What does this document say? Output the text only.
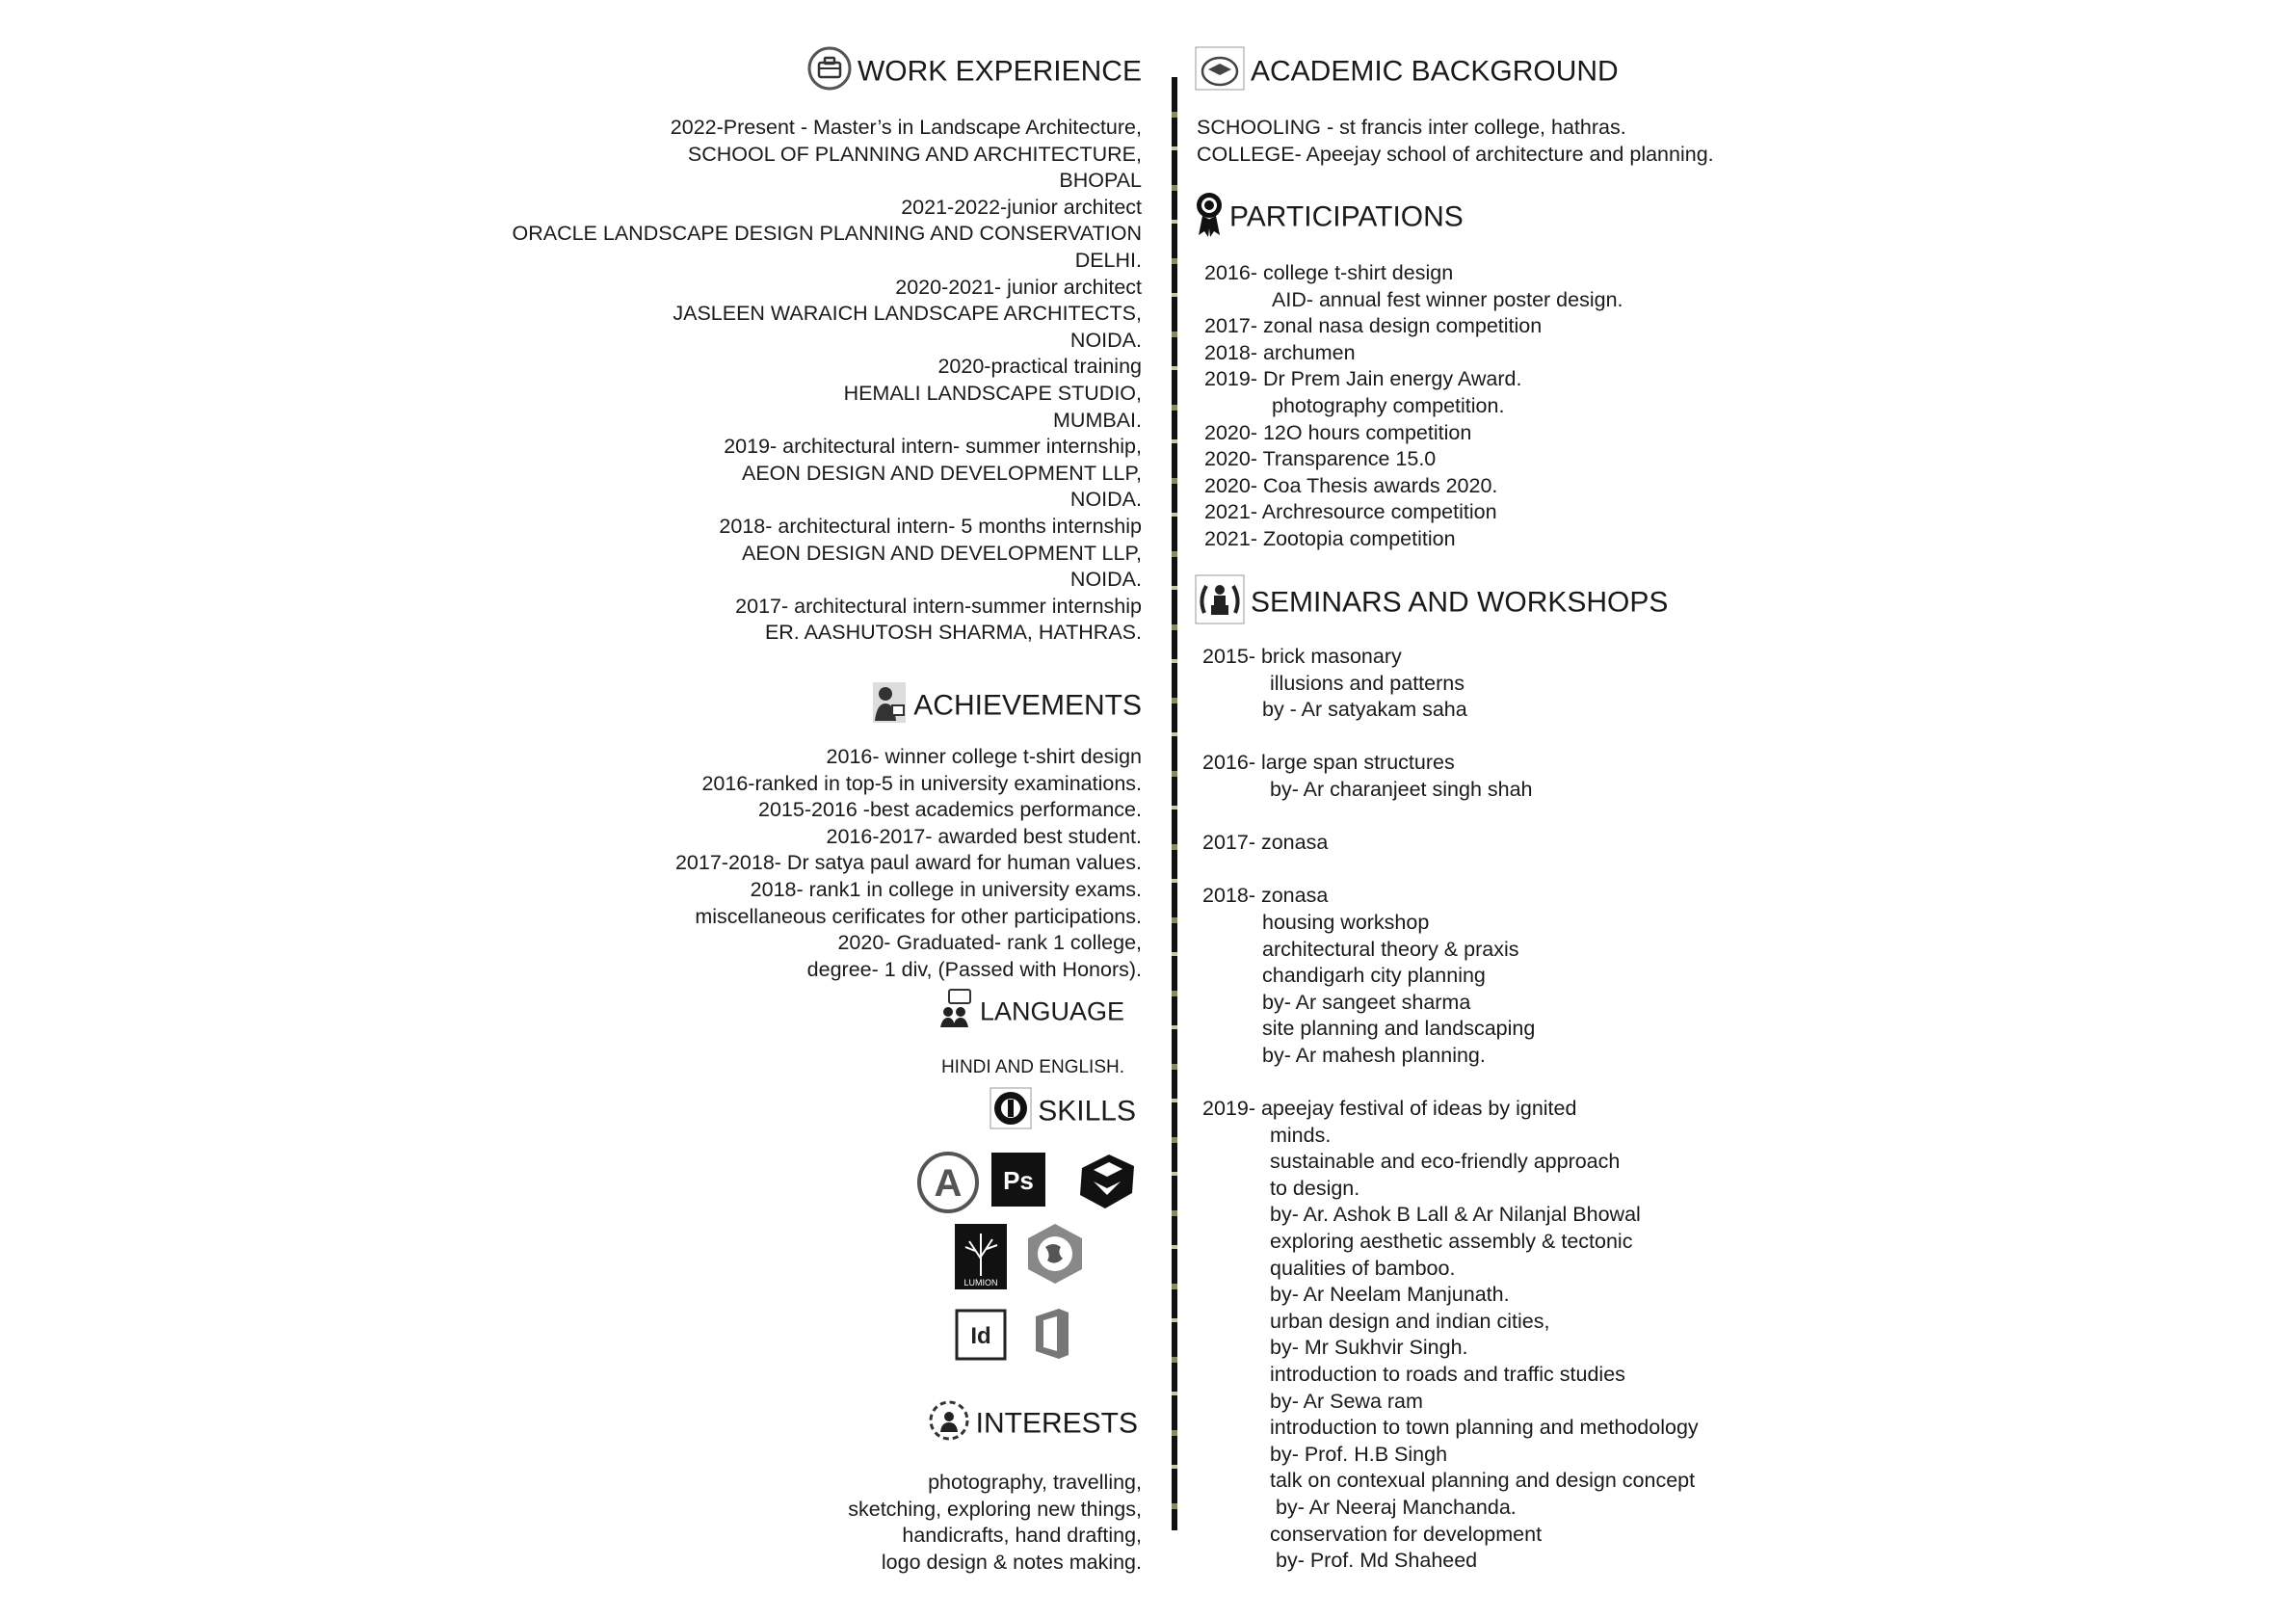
WORK EXPERIENCE
2022-Present - Master’s in Landscape Architecture,
SCHOOL OF PLANNING AND ARCHITECTURE,
BHOPAL
2021-2022-junior architect
ORACLE LANDSCAPE DESIGN PLANNING AND CONSERVATION
DELHI.
2020-2021- junior architect
JASLEEN WARAICH LANDSCAPE ARCHITECTS,
NOIDA.
2020-practical training
HEMALI LANDSCAPE STUDIO,
MUMBAI.
2019- architectural intern- summer internship,
AEON DESIGN AND DEVELOPMENT LLP,
NOIDA.
2018- architectural intern- 5 months internship
AEON DESIGN AND DEVELOPMENT LLP,
NOIDA.
2017- architectural intern-summer internship
ER. AASHUTOSH SHARMA, HATHRAS.
ACHIEVEMENTS
2016- winner college t-shirt design
2016-ranked in top-5 in university examinations.
2015-2016 -best academics performance.
2016-2017- awarded best student.
2017-2018- Dr satya paul award for human values.
2018- rank1 in college in university exams.
miscellaneous cerificates for other participations.
2020- Graduated- rank 1 college,
degree- 1 div, (Passed with Honors).
LANGUAGE
HINDI AND ENGLISH.
SKILLS
A Ps
LUMION
Id
INTERESTS
photography, travelling,
sketching, exploring new things,
handicrafts, hand drafting,
logo design & notes making.
ACADEMIC BACKGROUND
SCHOOLING - st francis inter college, hathras.
COLLEGE- Apeejay school of architecture and planning.
PARTICIPATIONS
2016- college t-shirt design
AID- annual fest winner poster design.
2017- zonal nasa design competition
2018- archumen
2019- Dr Prem Jain energy Award.
photography competition.
2020- 12O hours competition
2020- Transparence 15.0
2020- Coa Thesis awards 2020.
2021- Archresource competition
2021- Zootopia competition
SEMINARS AND WORKSHOPS
2015- brick masonary
illusions and patterns
by - Ar satyakam saha
2016- large span structures
by- Ar charanjeet singh shah
2017- zonasa
2018- zonasa
housing workshop
architectural theory & praxis
chandigarh city planning
by- Ar sangeet sharma
site planning and landscaping
by- Ar mahesh planning.
2019- apeejay festival of ideas by ignited
minds.
sustainable and eco-friendly approach
to design.
by- Ar. Ashok B Lall & Ar Nilanjal Bhowal
exploring aesthetic assembly & tectonic
qualities of bamboo.
by- Ar Neelam Manjunath.
urban design and indian cities,
by- Mr Sukhvir Singh.
introduction to roads and traffic studies
by- Ar Sewa ram
introduction to town planning and methodology
by- Prof. H.B Singh
talk on contexual planning and design concept
by- Ar Neeraj Manchanda.
conservation for development
by- Prof. Md Shaheed
